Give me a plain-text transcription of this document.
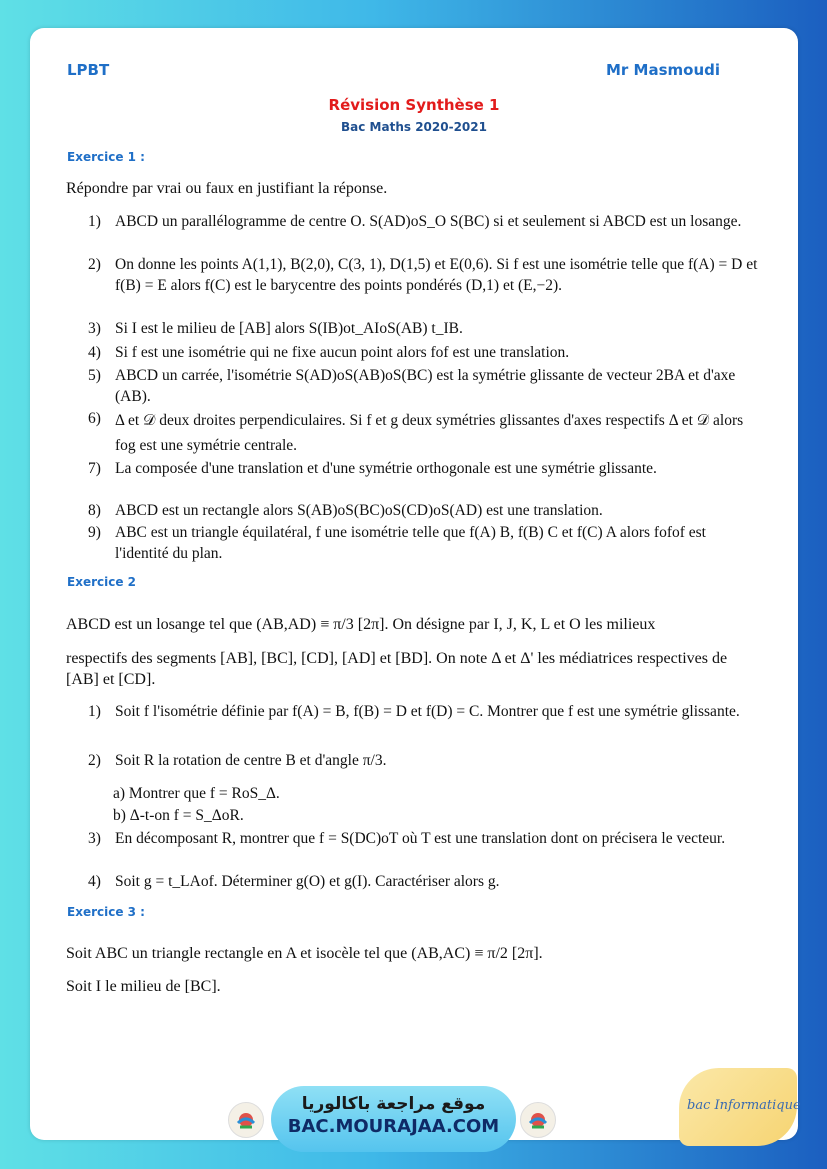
LPBT	Mr Masmoudi
Révision Synthèse 1
Bac Maths 2020-2021
Exercice 1 :
Répondre par vrai ou faux en justifiant la réponse.
1) ABCD un parallélogramme de centre O. S(AD)oS_O S(BC) si et seulement si ABCD est un losange.
2) On donne les points A(1,1), B(2,0), C(3, 1), D(1,5) et E(0,6). Si f est une isométrie telle que f(A) = D et f(B) = E alors f(C) est le barycentre des points pondérés (D,1) et (E,−2).
3) Si I est le milieu de [AB] alors S(IB)ot_AIoS(AB) t_IB.
4) Si f est une isométrie qui ne fixe aucun point alors fof est une translation.
5) ABCD un carrée, l'isométrie S(AD)oS(AB)oS(BC) est la symétrie glissante de vecteur 2BA et d'axe (AB).
6) Δ et 𝒟 deux droites perpendiculaires. Si f et g deux symétries glissantes d'axes respectifs Δ et 𝒟 alors fog est une symétrie centrale.
7) La composée d'une translation et d'une symétrie orthogonale est une symétrie glissante.
8) ABCD est un rectangle alors S(AB)oS(BC)oS(CD)oS(AD) est une translation.
9) ABC est un triangle équilatéral, f une isométrie telle que f(A) B, f(B) C et f(C) A alors fofof est l'identité du plan.
Exercice 2
ABCD est un losange tel que (AB,AD) ≡ π/3 [2π]. On désigne par I, J, K, L et O les milieux
respectifs des segments [AB], [BC], [CD], [AD] et [BD]. On note Δ et Δ' les médiatrices respectives de [AB] et [CD].
1) Soit f l'isométrie définie par f(A) = B, f(B) = D et f(D) = C. Montrer que f est une symétrie glissante.
2) Soit R la rotation de centre B et d'angle π/3.
a) Montrer que f = RoS_Δ.
b) Δ-t-on f = S_ΔoR.
3) En décomposant R, montrer que f = S(DC)oT où T est une translation dont on précisera le vecteur.
4) Soit g = t_LAof. Déterminer g(O) et g(I). Caractériser alors g.
Exercice 3 :
Soit ABC un triangle rectangle en A et isocèle tel que (AB,AC) ≡ π/2 [2π].
Soit I le milieu de [BC].
موقع مراجعة باكالوريا
BAC.MOURAJAA.COM
bac Informatique
